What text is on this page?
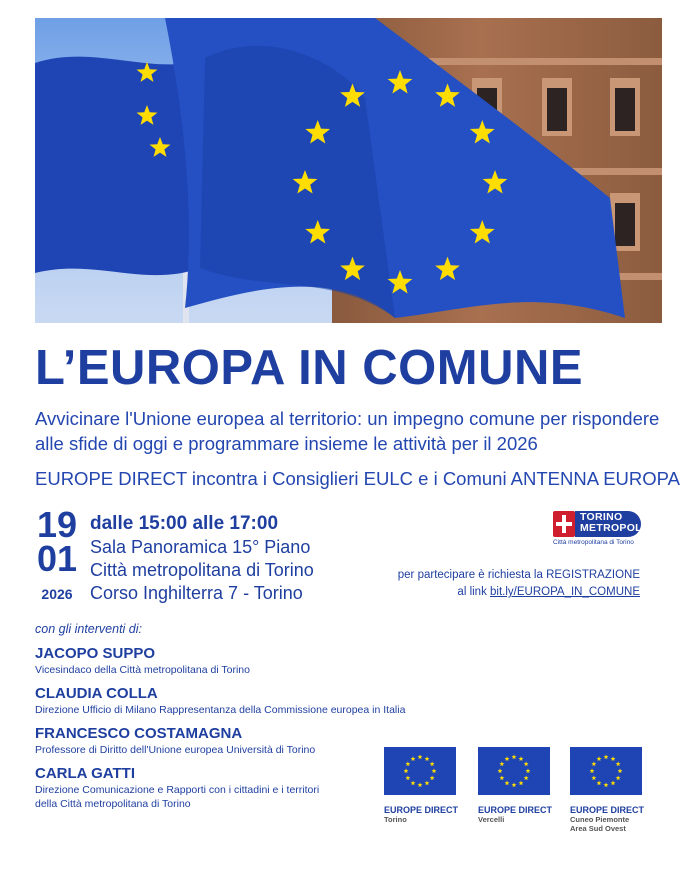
L’EUROPA IN COMUNE
Avvicinare l'Unione europea al territorio: un impegno comune per rispondere alle sfide di oggi e programmare insieme le attività per il 2026
EUROPE DIRECT incontra i Consiglieri EULC e i Comuni ANTENNA EUROPA
19
01
2026
dalle 15:00 alle 17:00
Sala Panoramica 15° Piano
Città metropolitana di Torino
Corso Inghilterra 7 - Torino
TORINO
METROPOLI
Città metropolitana di Torino
per partecipare è richiesta la REGISTRAZIONE
al link bit.ly/EUROPA_IN_COMUNE
con gli interventi di:
JACOPO SUPPO
Vicesindaco della Città metropolitana di Torino
CLAUDIA COLLA
Direzione Ufficio di Milano Rappresentanza della Commissione europea in Italia
FRANCESCO COSTAMAGNA
Professore di Diritto dell'Unione europea Università di Torino
CARLA GATTI
Direzione Comunicazione e Rapporti con i cittadini e i territori della Città metropolitana di Torino	EUROPE DIRECT
Torino
EUROPE DIRECT
Vercelli
EUROPE DIRECT
Cuneo Piemonte
Area Sud Ovest
